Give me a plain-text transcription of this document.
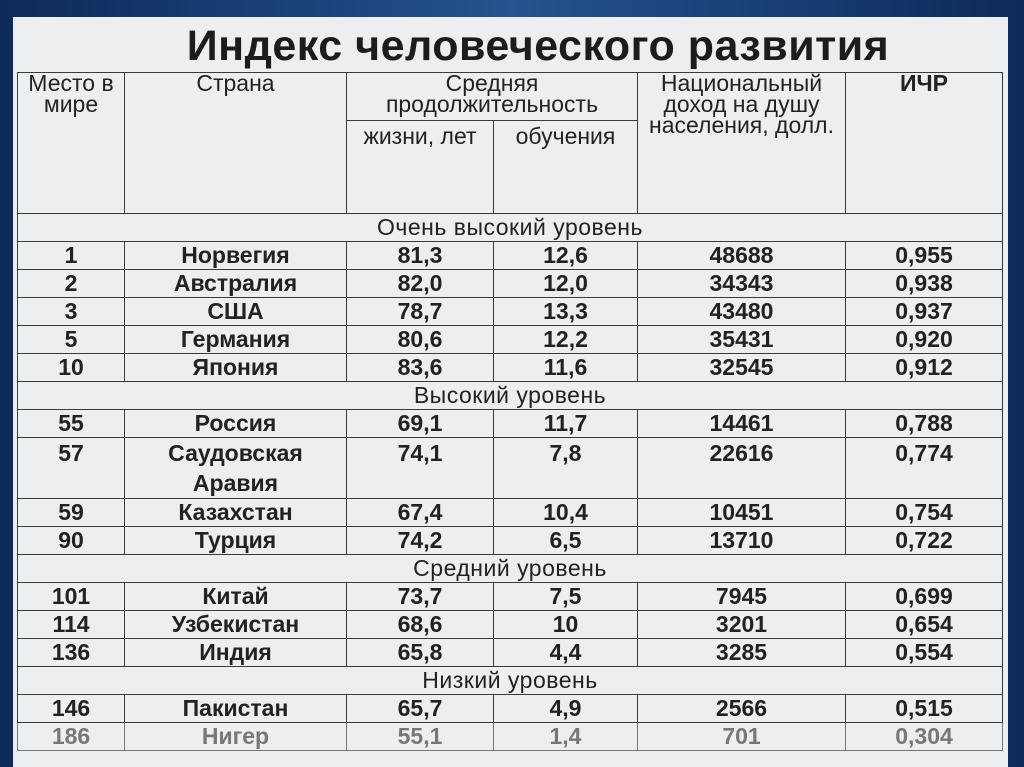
Индекс человеческого развития
Место в мире	Страна	Средняя продолжительность		Национальный доход на душу населения, долл.	ИЧР
		жизни, лет	обучения		
Очень высокий уровень					
1	Норвегия	81,3	12,6	48688	0,955
2	Австралия	82,0	12,0	34343	0,938
3	США	78,7	13,3	43480	0,937
5	Германия	80,6	12,2	35431	0,920
10	Япония	83,6	11,6	32545	0,912
Высокий уровень					
55	Россия	69,1	11,7	14461	0,788
57	Саудовская Аравия	74,1	7,8	22616	0,774
59	Казахстан	67,4	10,4	10451	0,754
90	Турция	74,2	6,5	13710	0,722
Средний уровень					
101	Китай	73,7	7,5	7945	0,699
114	Узбекистан	68,6	10	3201	0,654
136	Индия	65,8	4,4	3285	0,554
Низкий уровень					
146	Пакистан	65,7	4,9	2566	0,515
186	Нигер	55,1	1,4	701	0,304
